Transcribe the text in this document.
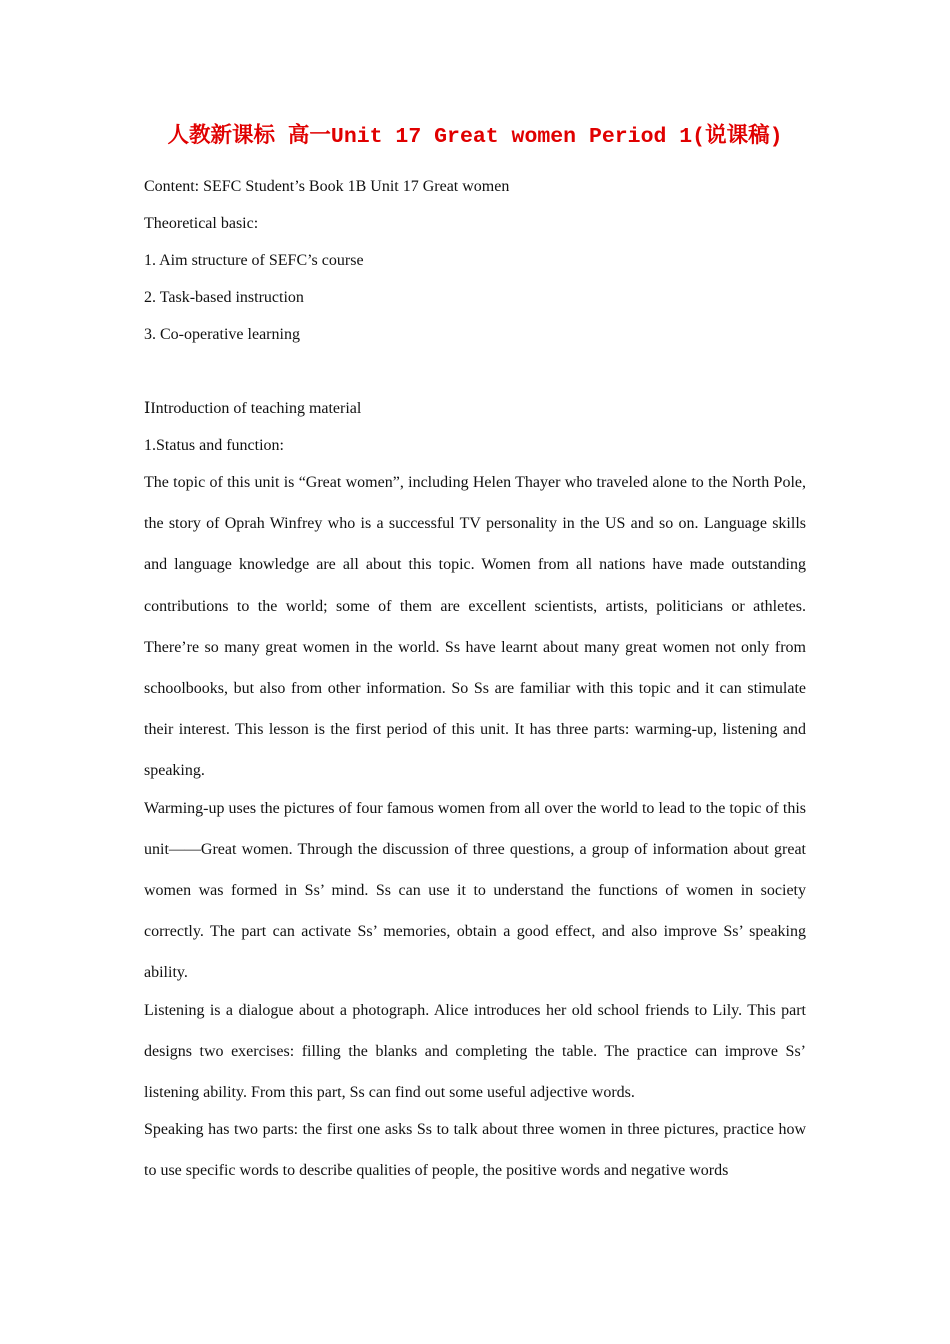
人教新课标 高一Unit 17 Great women Period 1(说课稿)
Content: SEFC Student’s Book 1B Unit 17 Great women
Theoretical basic:
1. Aim structure of SEFC’s course
2. Task-based instruction
3. Co-operative learning
ⅠIntroduction of teaching material
1.Status and function:
The topic of this unit is “Great women”, including Helen Thayer who traveled alone to the North Pole, the story of Oprah Winfrey who is a successful TV personality in the US and so on. Language skills and language knowledge are all about this topic. Women from all nations have made outstanding contributions to the world; some of them are excellent scientists, artists, politicians or athletes. There’re so many great women in the world. Ss have learnt about many great women not only from schoolbooks, but also from other information. So Ss are familiar with this topic and it can stimulate their interest. This lesson is the first period of this unit. It has three parts: warming-up, listening and speaking.
Warming-up uses the pictures of four famous women from all over the world to lead to the topic of this unit——Great women. Through the discussion of three questions, a group of information about great women was formed in Ss’ mind. Ss can use it to understand the functions of women in society correctly. The part can activate Ss’ memories, obtain a good effect, and also improve Ss’ speaking ability.
Listening is a dialogue about a photograph. Alice introduces her old school friends to Lily. This part designs two exercises: filling the blanks and completing the table. The practice can improve Ss’ listening ability. From this part, Ss can find out some useful adjective words.
Speaking has two parts: the first one asks Ss to talk about three women in three pictures, practice how to use specific words to describe qualities of people, the positive words and negative words
